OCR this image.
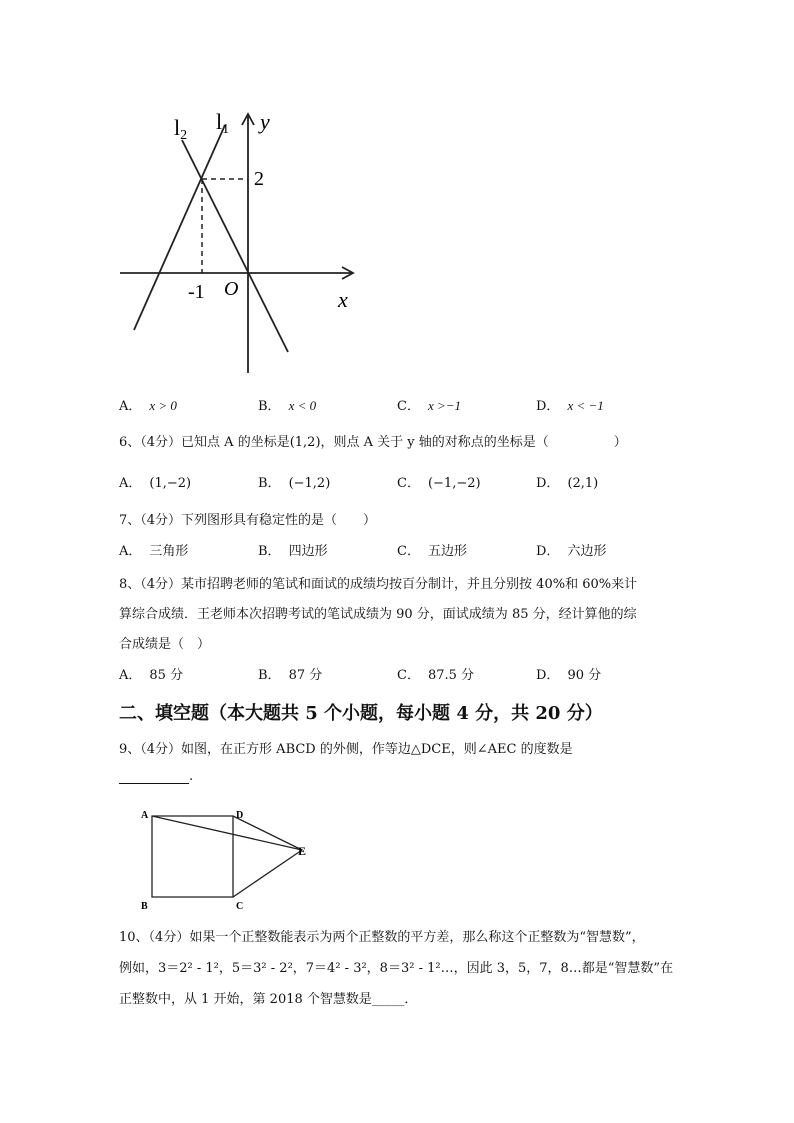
l2
l1 y
x
2
-1 O
A． x > 0	B． x < 0	C． x >−1	D． x < −1
6、（4分）已知点 A 的坐标是(1,2)，则点 A 关于 y 轴的对称点的坐标是（　　　　　）
A． (1,−2)	B． (−1,2)	C． (−1,−2)	D． (2,1)
7、（4分）下列图形具有稳定性的是（　　）
A． 三角形	B． 四边形	C． 五边形	D． 六边形
8、（4分）某市招聘老师的笔试和面试的成绩均按百分制计，并且分别按 40%和 60%来计
算综合成绩．王老师本次招聘考试的笔试成绩为 90 分，面试成绩为 85 分，经计算他的综
合成绩是（　）
A． 85 分	B． 87 分	C． 87.5 分	D． 90 分
二、填空题（本大题共 5 个小题，每小题 4 分，共 20 分）
9、（4分）如图，在正方形 ABCD 的外侧，作等边△DCE，则∠AEC 的度数是
.
A	D
E
B	C
10、（4分）如果一个正整数能表示为两个正整数的平方差，那么称这个正整数为“智慧数”，
例如，3＝2² - 1²，5＝3² - 2²，7＝4² - 3²，8＝3² - 1²…，因此 3，5，7，8…都是“智慧数”在
正整数中，从 1 开始，第 2018 个智慧数是_____．
